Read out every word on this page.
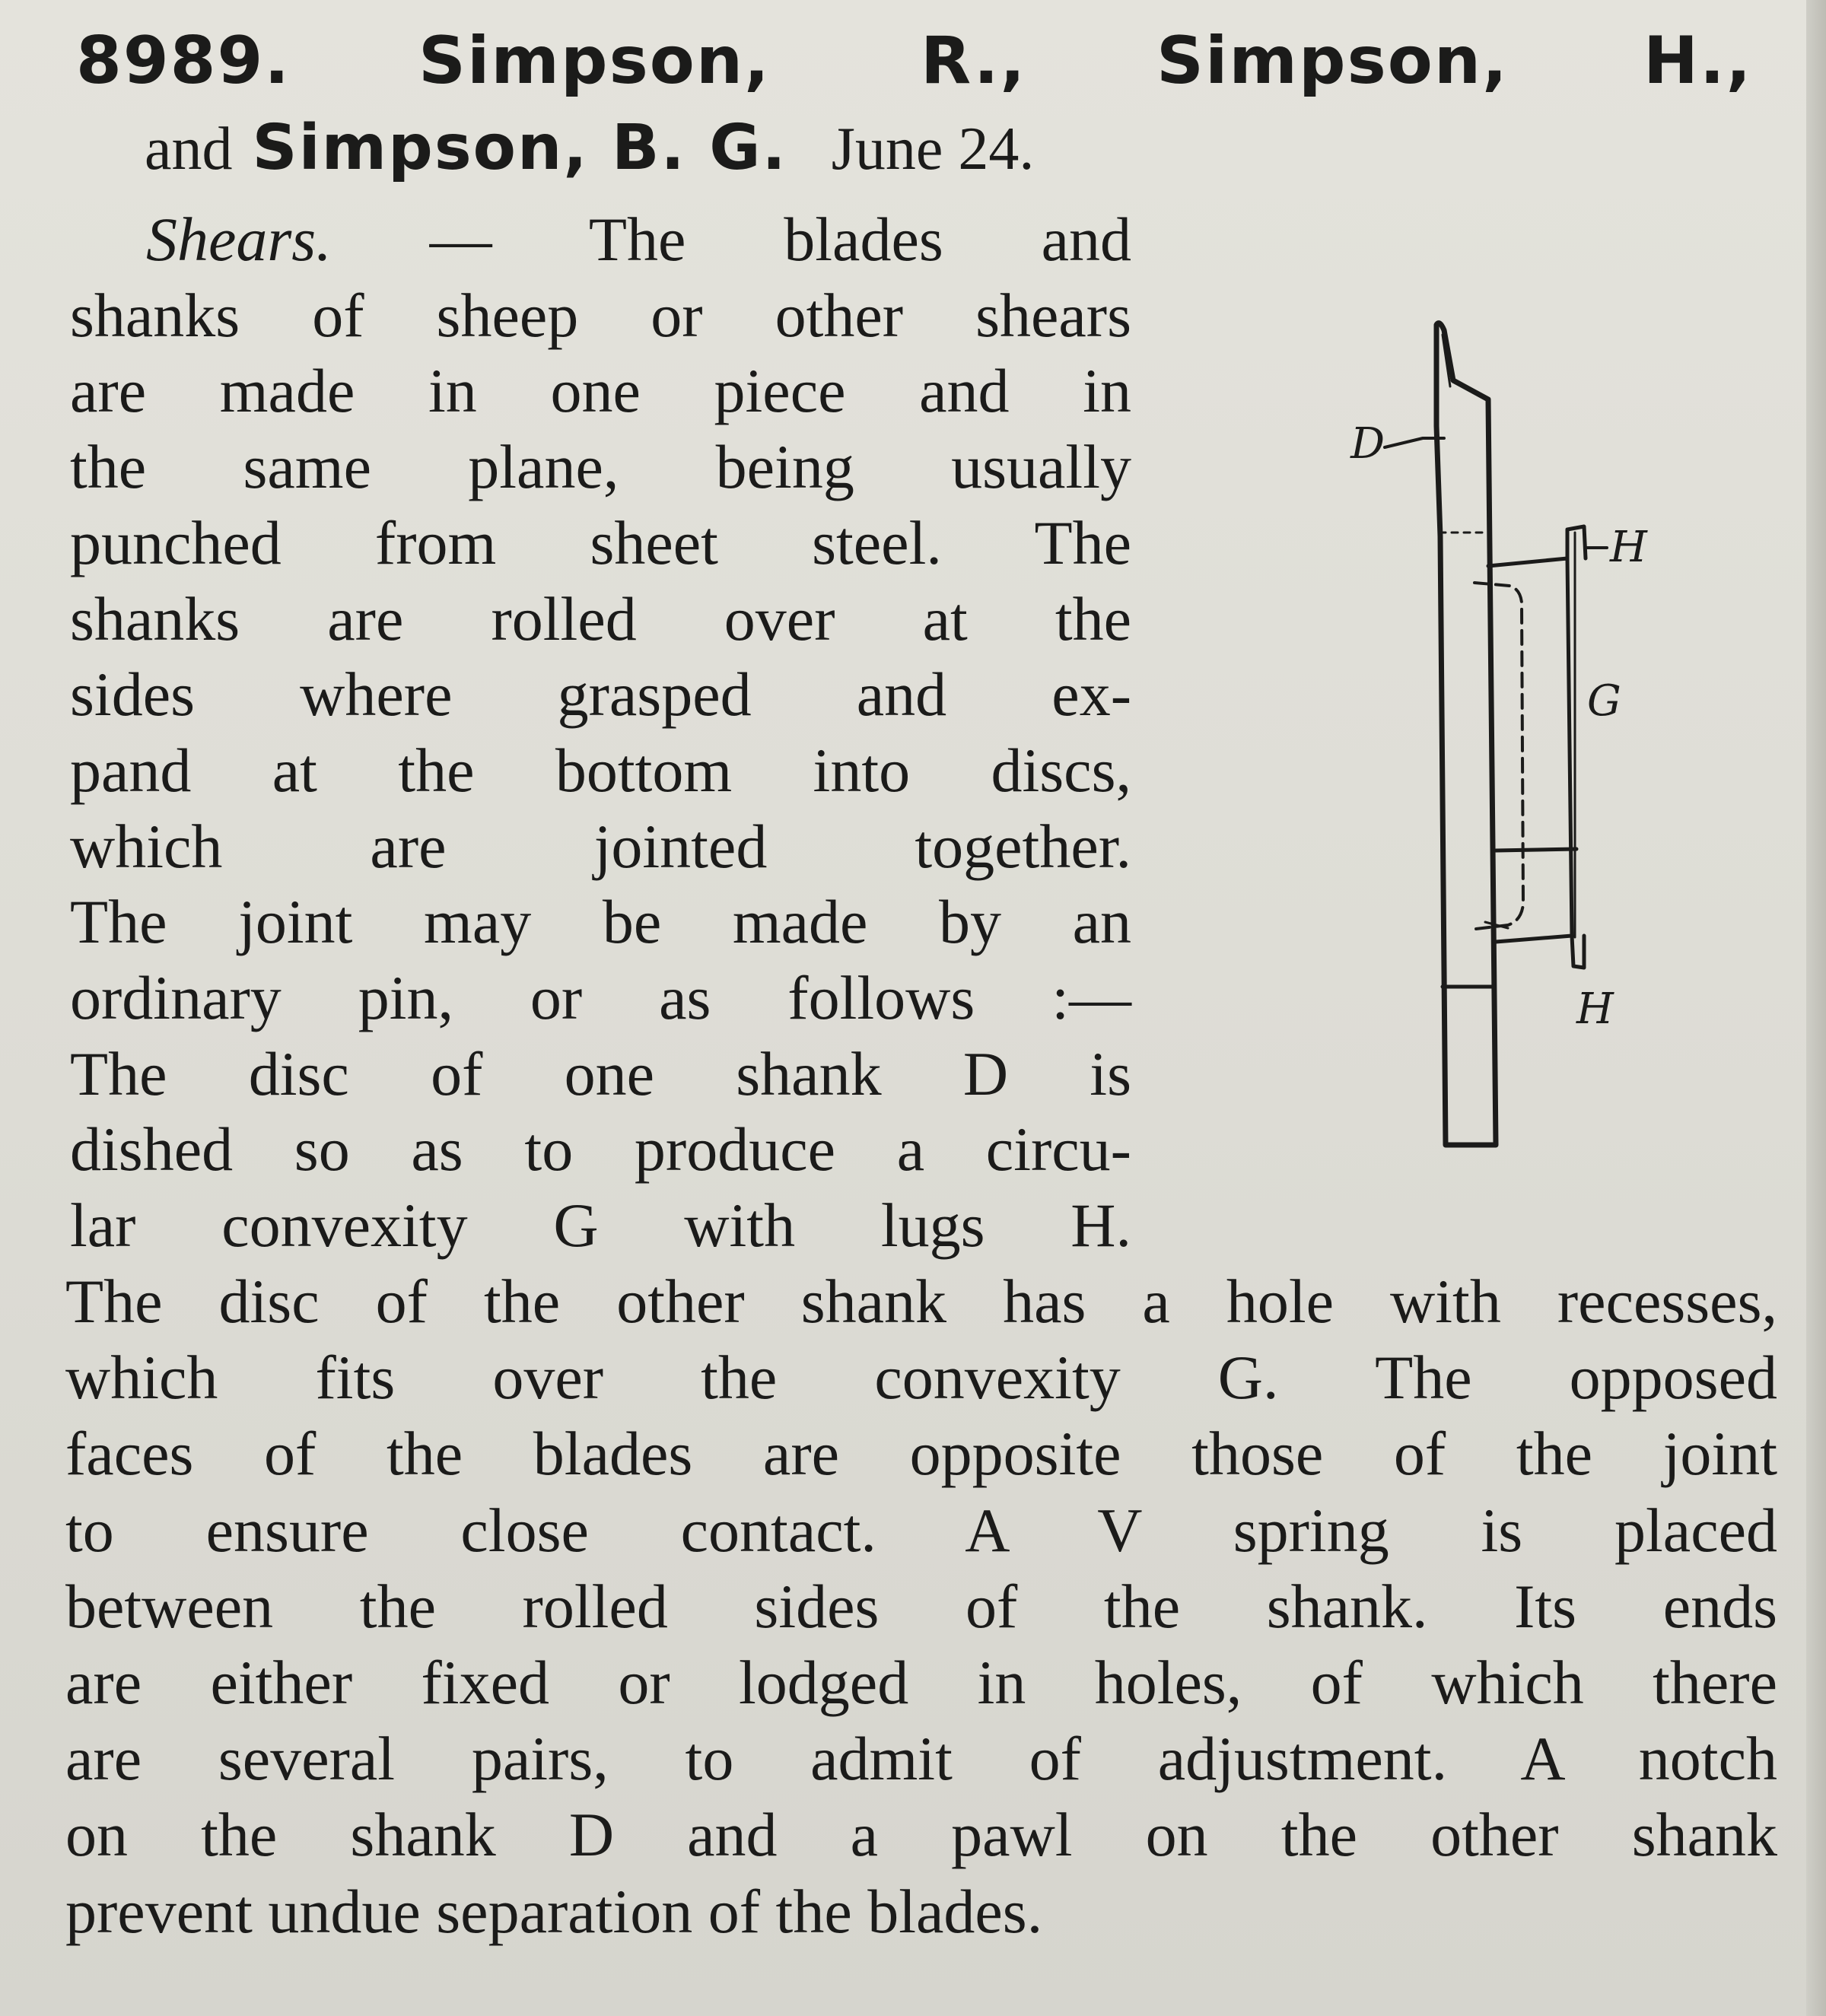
8989. Simpson, R., Simpson, H.,
and Simpson, B. G. June 24.
Shears. — The blades and
shanks of sheep or other shears
are made in one piece and in
the same plane, being usually
punched from sheet steel. The
shanks are rolled over at the
sides where grasped and ex-
pand at the bottom into discs,
which are jointed together.
The joint may be made by an
ordinary pin, or as follows :—
The disc of one shank D is
dished so as to produce a circu-
lar convexity G with lugs H.
D
H
G
H
The disc of the other shank has a hole with recesses,
which fits over the convexity G. The opposed
faces of the blades are opposite those of the joint
to ensure close contact. A V spring is placed
between the rolled sides of the shank. Its ends
are either fixed or lodged in holes, of which there
are several pairs, to admit of adjustment. A notch
on the shank D and a pawl on the other shank
prevent undue separation of the blades.
